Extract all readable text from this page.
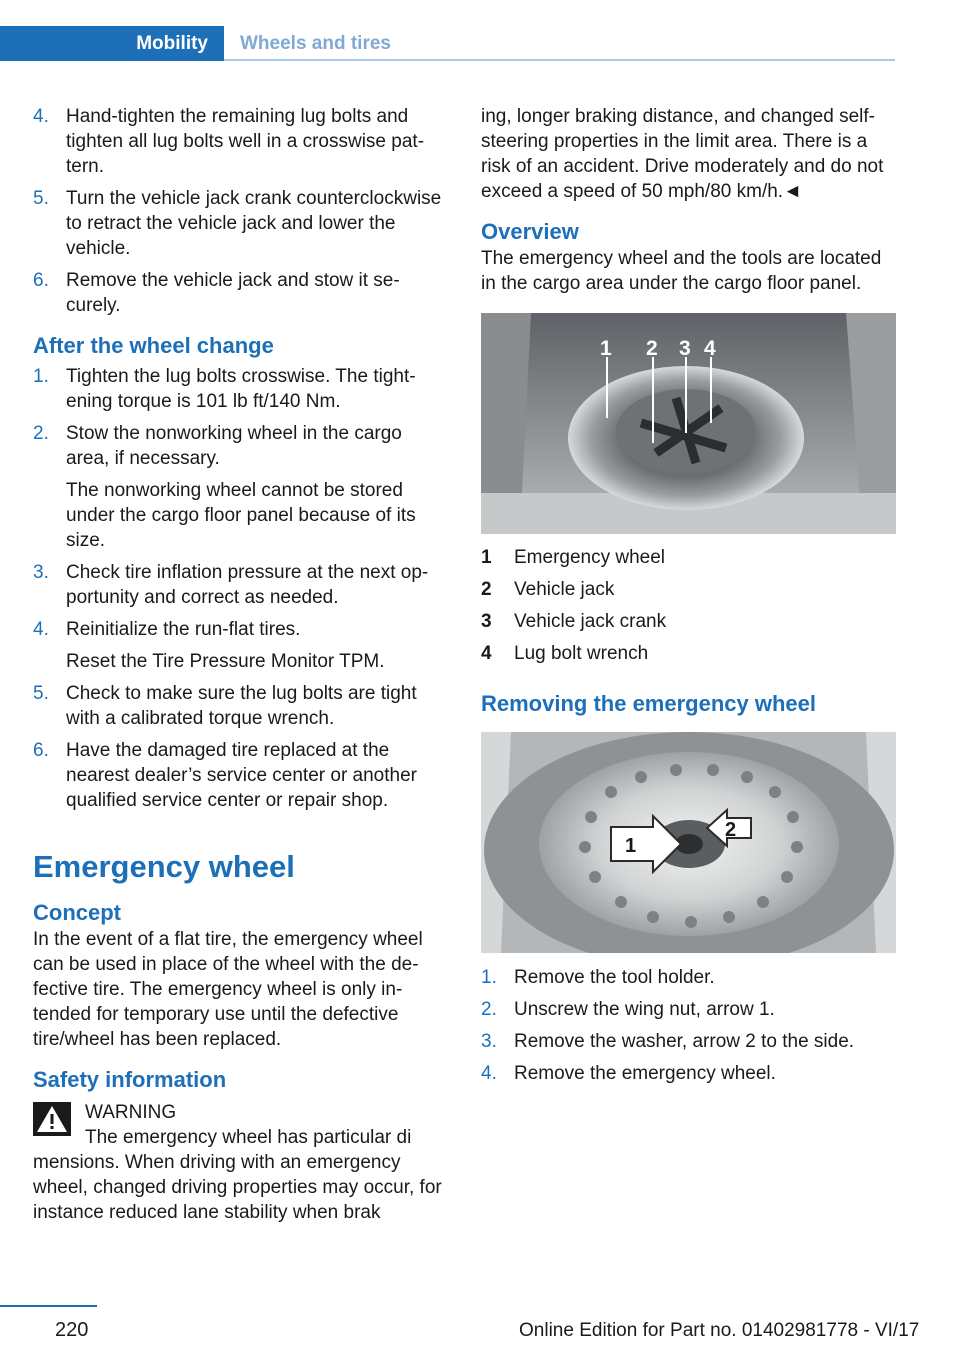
Mobility	Wheels and tires
4. Hand-tighten the remaining lug bolts and tighten all lug bolts well in a crosswise pattern.

5. Turn the vehicle jack crank counterclockwise to retract the vehicle jack and lower the vehicle.

6. Remove the vehicle jack and stow it securely.

After the wheel change
1. Tighten the lug bolts crosswise. The tightening torque is 101 lb ft/140 Nm.

2. Stow the nonworking wheel in the cargo area, if necessary.

The nonworking wheel cannot be stored under the cargo floor panel because of its size.

3. Check tire inflation pressure at the next opportunity and correct as needed.

4. Reinitialize the run-flat tires.

Reset the Tire Pressure Monitor TPM.

5. Check to make sure the lug bolts are tight with a calibrated torque wrench.

6. Have the damaged tire replaced at the nearest dealer’s service center or another qualified service center or repair shop.

Emergency wheel
Concept

In the event of a flat tire, the emergency wheel can be used in place of the wheel with the defective tire. The emergency wheel is only intended for temporary use until the defective tire/wheel has been replaced.

Safety information
WARNING
The emergency wheel has particular di
mensions. When driving with an emergency wheel, changed driving properties may occur, for instance reduced lane stability when brak

ing, longer braking distance, and changed self-steering properties in the limit area. There is a risk of an accident. Drive moderately and do not exceed a speed of 50 mph/80 km/h.◄

Overview

The emergency wheel and the tools are located in the cargo area under the cargo floor panel.

1 2 3 4
1	Emergency wheel
2	Vehicle jack
3	Vehicle jack crank
4	Lug bolt wrench
Removing the emergency wheel
1
2
1. Remove the tool holder.

2. Unscrew the wing nut, arrow 1.

3. Remove the washer, arrow 2 to the side.

4. Remove the emergency wheel.

220	Online Edition for Part no. 01402981778 - VI/17
